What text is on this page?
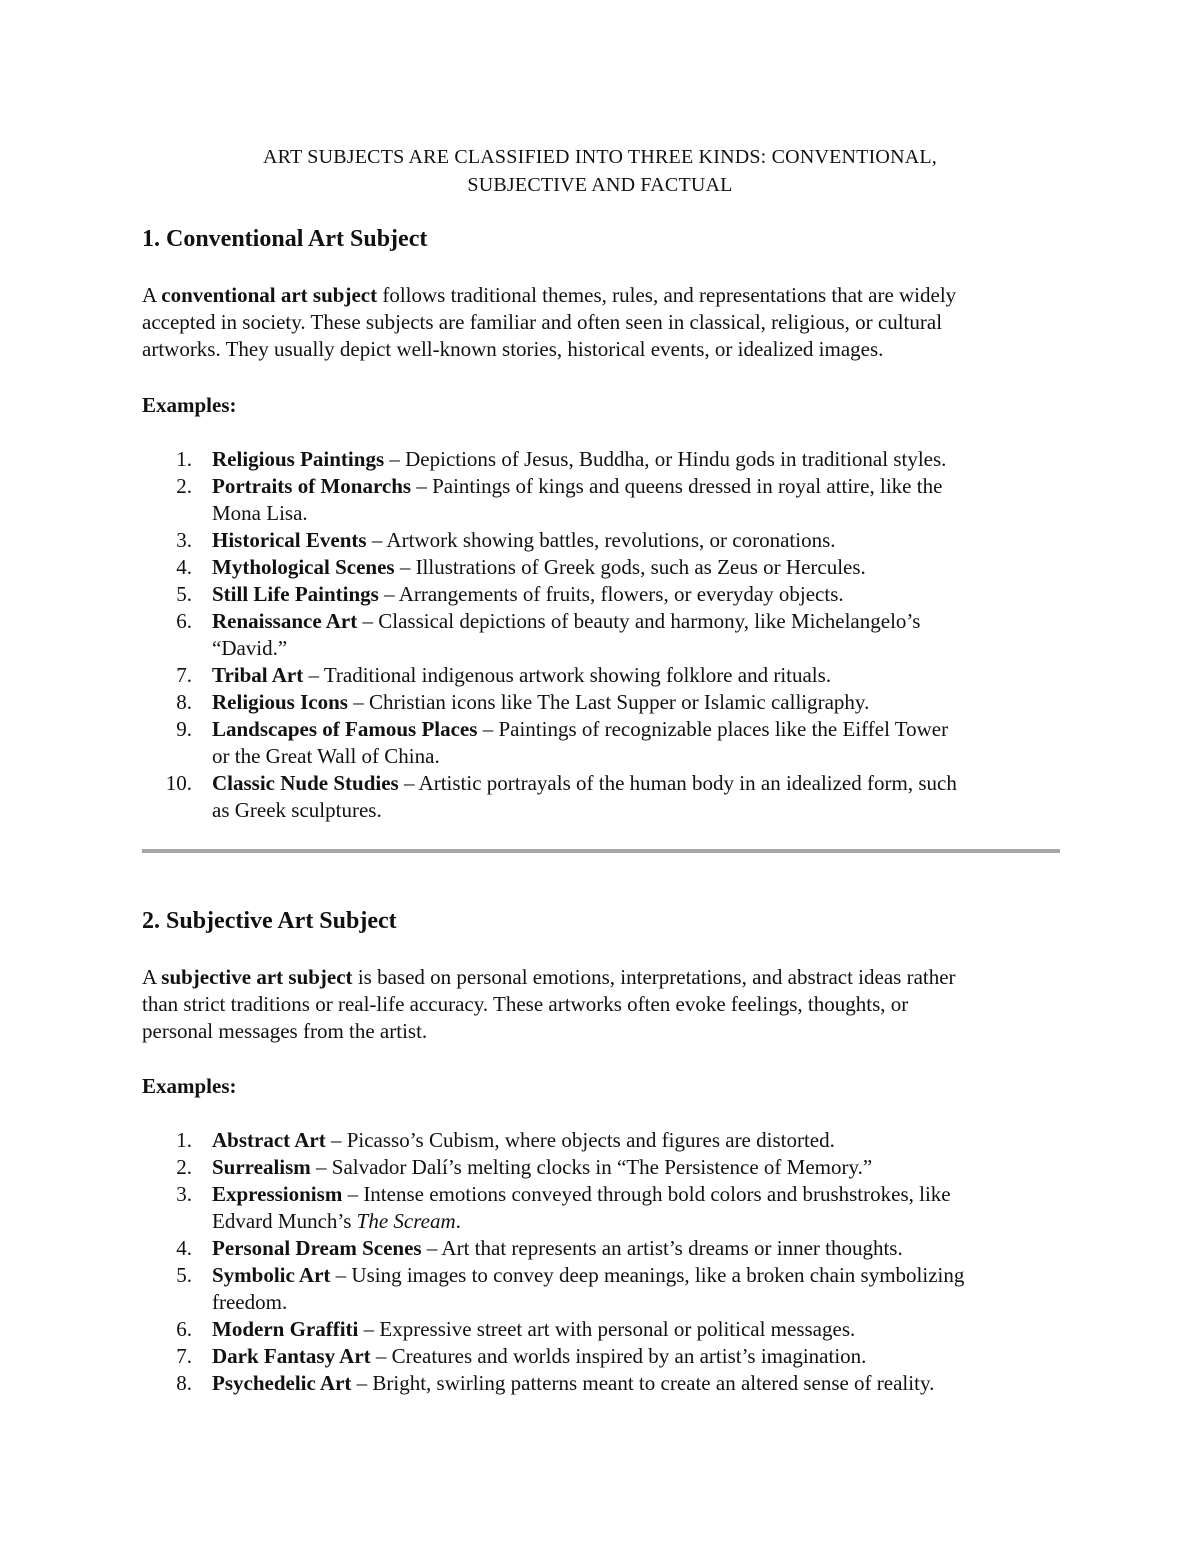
ART SUBJECTS ARE CLASSIFIED INTO THREE KINDS: CONVENTIONAL,
SUBJECTIVE AND FACTUAL
1. Conventional Art Subject
A conventional art subject follows traditional themes, rules, and representations that are widely
accepted in society. These subjects are familiar and often seen in classical, religious, or cultural
artworks. They usually depict well-known stories, historical events, or idealized images.
Examples:
1. Religious Paintings – Depictions of Jesus, Buddha, or Hindu gods in traditional styles.
2. Portraits of Monarchs – Paintings of kings and queens dressed in royal attire, like the
Mona Lisa.
3. Historical Events – Artwork showing battles, revolutions, or coronations.
4. Mythological Scenes – Illustrations of Greek gods, such as Zeus or Hercules.
5. Still Life Paintings – Arrangements of fruits, flowers, or everyday objects.
6. Renaissance Art – Classical depictions of beauty and harmony, like Michelangelo’s
“David.”
7. Tribal Art – Traditional indigenous artwork showing folklore and rituals.
8. Religious Icons – Christian icons like The Last Supper or Islamic calligraphy.
9. Landscapes of Famous Places – Paintings of recognizable places like the Eiffel Tower
or the Great Wall of China.
10. Classic Nude Studies – Artistic portrayals of the human body in an idealized form, such
as Greek sculptures.
2. Subjective Art Subject
A subjective art subject is based on personal emotions, interpretations, and abstract ideas rather
than strict traditions or real-life accuracy. These artworks often evoke feelings, thoughts, or
personal messages from the artist.
Examples:
1. Abstract Art – Picasso’s Cubism, where objects and figures are distorted.
2. Surrealism – Salvador Dalí’s melting clocks in “The Persistence of Memory.”
3. Expressionism – Intense emotions conveyed through bold colors and brushstrokes, like
Edvard Munch’s The Scream.
4. Personal Dream Scenes – Art that represents an artist’s dreams or inner thoughts.
5. Symbolic Art – Using images to convey deep meanings, like a broken chain symbolizing
freedom.
6. Modern Graffiti – Expressive street art with personal or political messages.
7. Dark Fantasy Art – Creatures and worlds inspired by an artist’s imagination.
8. Psychedelic Art – Bright, swirling patterns meant to create an altered sense of reality.
